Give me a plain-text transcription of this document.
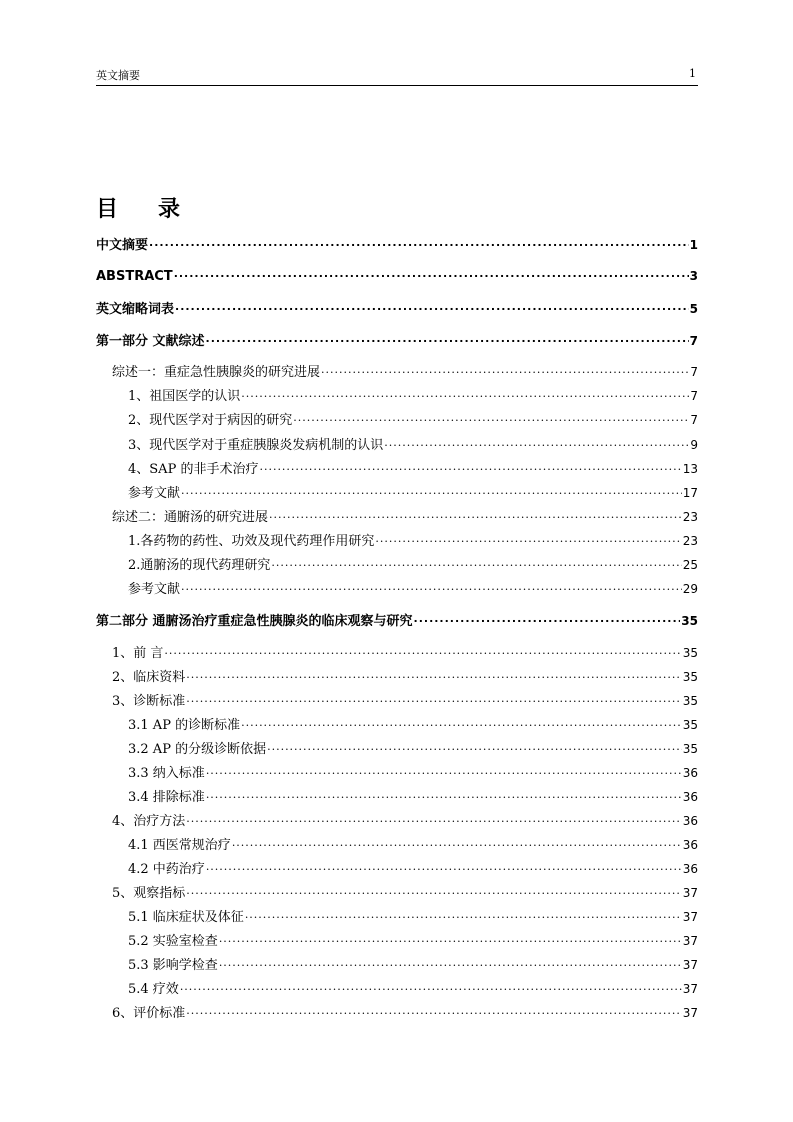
英文摘要	1
目 录
中文摘要 .....	1
ABSTRACT .....	3
英文缩略词表 .....	5
第一部分 文献综述 .....	7
综述一：重症急性胰腺炎的研究进展 .....	7
1、祖国医学的认识 .....	7
2、现代医学对于病因的研究 .....	7
3、现代医学对于重症胰腺炎发病机制的认识 .....	9
4、SAP 的非手术治疗 .....	13
参考文献 .....	17
综述二：通腑汤的研究进展 .....	23
1.各药物的药性、功效及现代药理作用研究 .....	23
2.通腑汤的现代药理研究 .....	25
参考文献 .....	29
第二部分 通腑汤治疗重症急性胰腺炎的临床观察与研究 .....	35
1、前 言 .....	35
2、临床资料 .....	35
3、诊断标准 .....	35
3.1 AP 的诊断标准 .....	35
3.2 AP 的分级诊断依据 .....	35
3.3 纳入标准 .....	36
3.4 排除标准 .....	36
4、治疗方法 .....	36
4.1 西医常规治疗 .....	36
4.2 中药治疗 .....	36
5、观察指标 .....	37
5.1 临床症状及体征 .....	37
5.2 实验室检查 .....	37
5.3 影响学检查 .....	37
5.4 疗效 .....	37
6、评价标准 .....	37
